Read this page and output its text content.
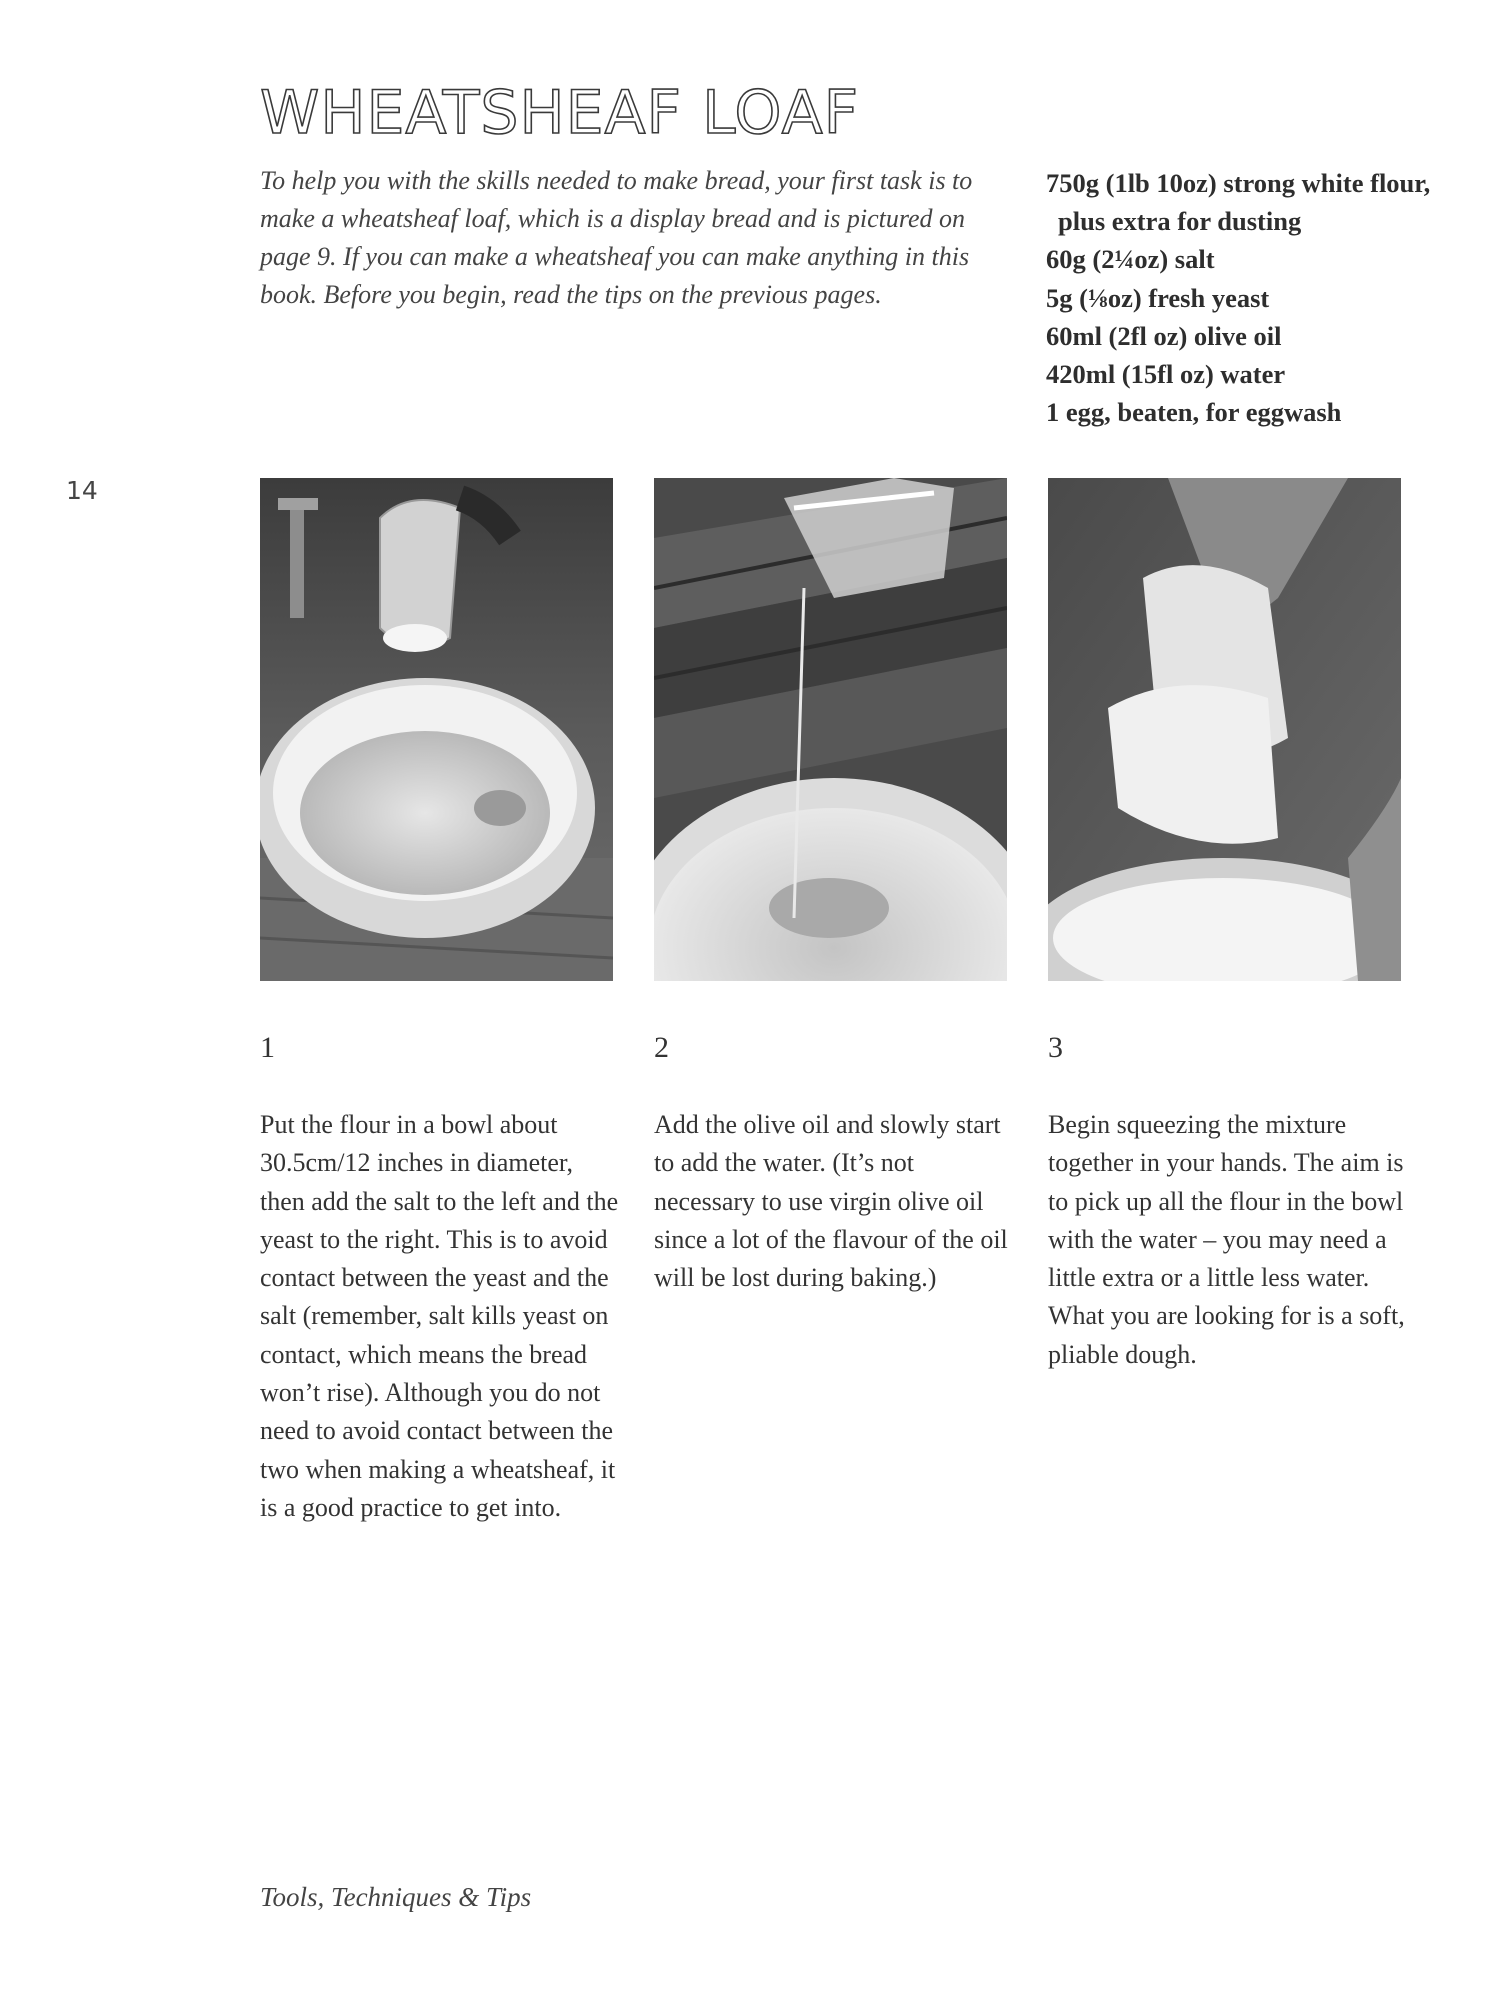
WHEATSHEAF LOAF

To help you with the skills needed to make bread, your first task is to make a wheatsheaf loaf, which is a display bread and is pictured on page 9. If you can make a wheatsheaf you can make anything in this book. Before you begin, read the tips on the previous pages.

750g (1lb 10oz) strong white flour, plus extra for dusting
60g (2¼oz) salt
5g (⅛oz) fresh yeast
60ml (2fl oz) olive oil
420ml (15fl oz) water
1 egg, beaten, for eggwash

14

1

Put the flour in a bowl about 30.5cm/12 inches in diameter, then add the salt to the left and the yeast to the right. This is to avoid contact between the yeast and the salt (remember, salt kills yeast on contact, which means the bread won’t rise). Although you do not need to avoid contact between the two when making a wheatsheaf, it is a good practice to get into.

2

Add the olive oil and slowly start to add the water. (It’s not necessary to use virgin olive oil since a lot of the flavour of the oil will be lost during baking.)

3

Begin squeezing the mixture together in your hands. The aim is to pick up all the flour in the bowl with the water – you may need a little extra or a little less water. What you are looking for is a soft, pliable dough.

Tools, Techniques & Tips
